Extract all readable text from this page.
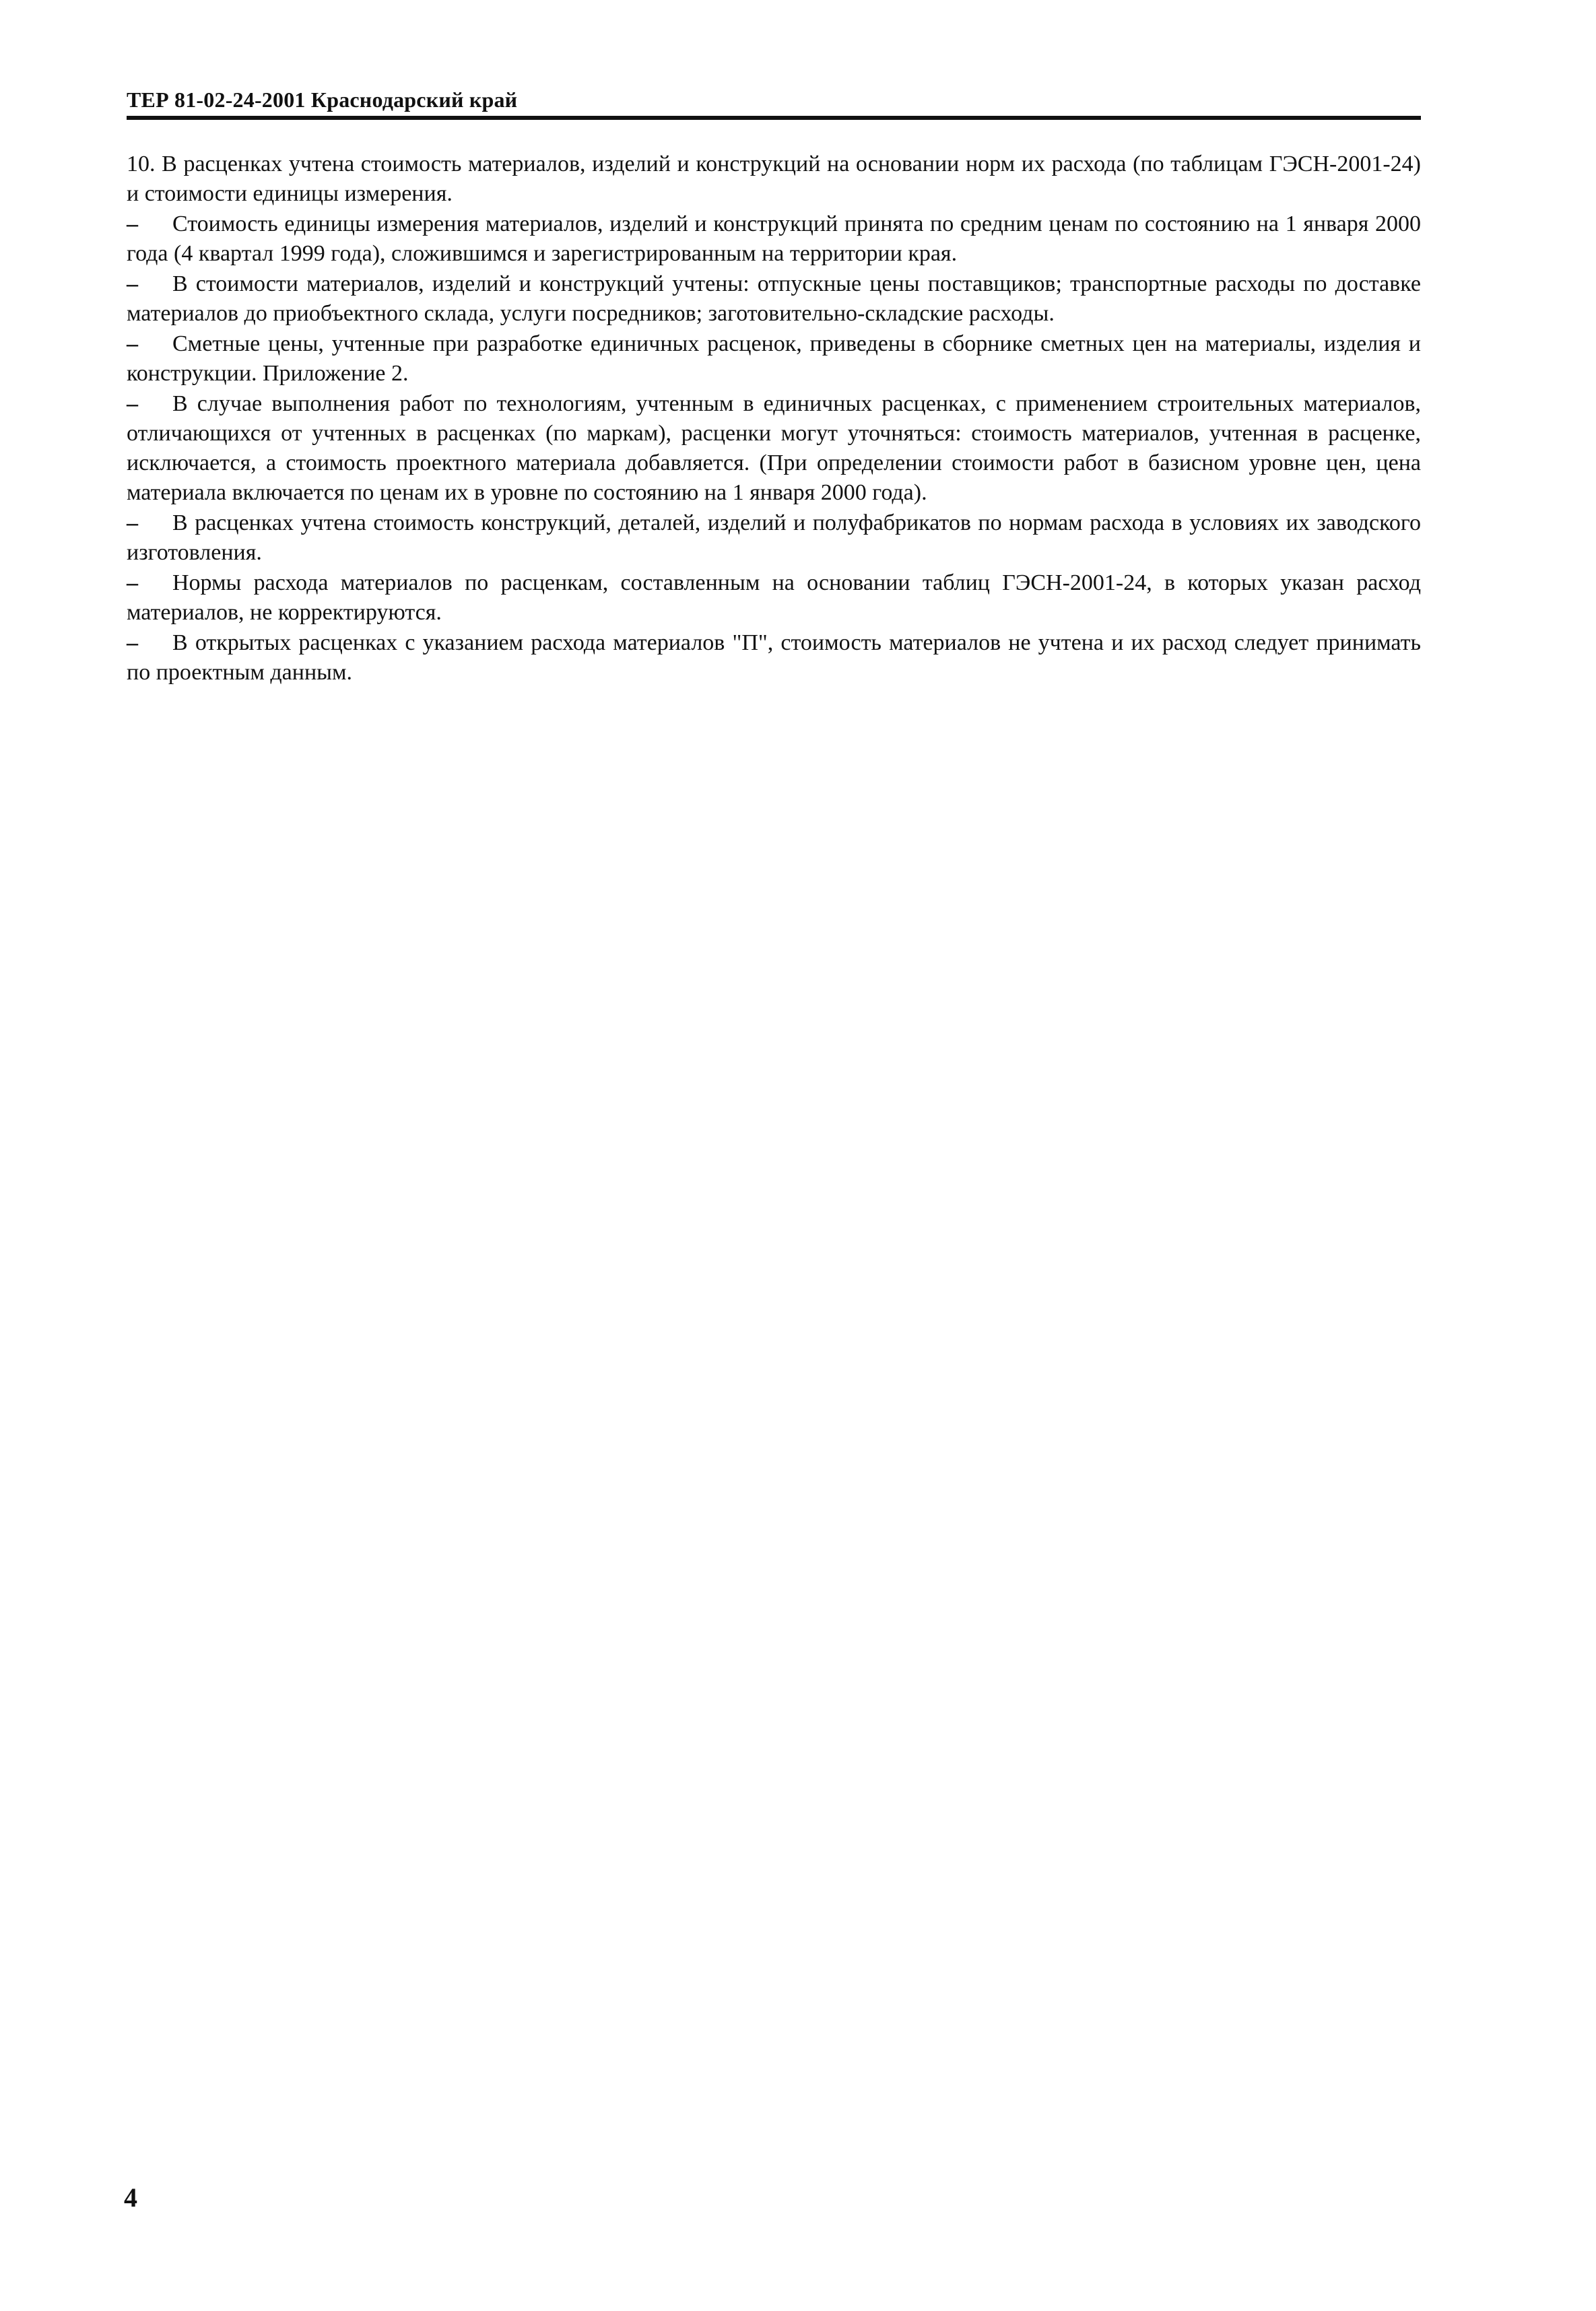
ТЕР 81-02-24-2001 Краснодарский край

10. В расценках учтена стоимость материалов, изделий и конструкций на основании норм их расхода (по таблицам ГЭСН-2001-24) и стоимости единицы измерения.

– Стоимость единицы измерения материалов, изделий и конструкций принята по средним ценам по состоянию на 1 января 2000 года (4 квартал 1999 года), сложившимся и зарегистрированным на территории края.

– В стоимости материалов, изделий и конструкций учтены: отпускные цены поставщиков; транспортные расходы по доставке материалов до приобъектного склада, услуги посредников; заготовительно-складские расходы.

– Сметные цены, учтенные при разработке единичных расценок, приведены в сборнике сметных цен на материалы, изделия и конструкции. Приложение 2.

– В случае выполнения работ по технологиям, учтенным в единичных расценках, с применением строительных материалов, отличающихся от учтенных в расценках (по маркам), расценки могут уточняться: стоимость материалов, учтенная в расценке, исключается, а стоимость проектного материала добавляется. (При определении стоимости работ в базисном уровне цен, цена материала включается по ценам их в уровне по состоянию на 1 января 2000 года).

– В расценках учтена стоимость конструкций, деталей, изделий и полуфабрикатов по нормам расхода в условиях их заводского изготовления.

– Нормы расхода материалов по расценкам, составленным на основании таблиц ГЭСН-2001-24, в которых указан расход материалов, не корректируются.

– В открытых расценках с указанием расхода материалов "П", стоимость материалов не учтена и их расход следует принимать по проектным данным.

4
